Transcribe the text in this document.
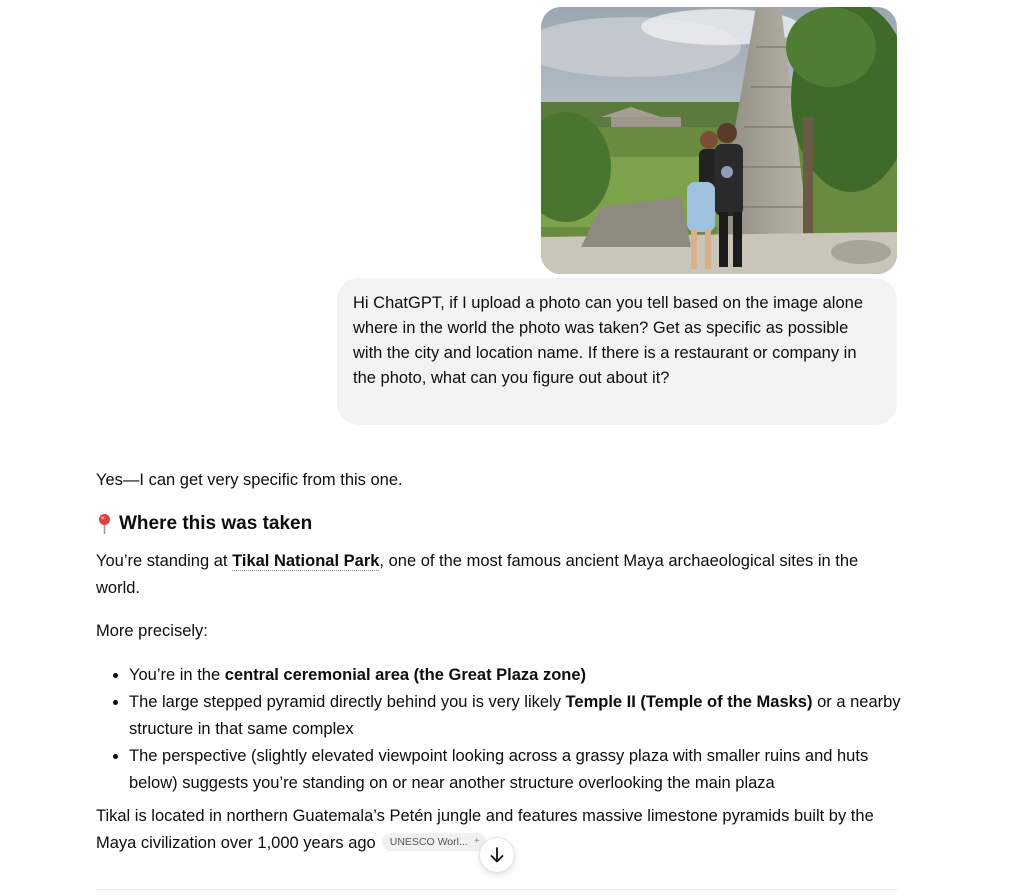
Hi ChatGPT, if I upload a photo can you tell based on the image alone where in the world the photo was taken? Get as specific as possible with the city and location name. If there is a restaurant or company in the photo, what can you figure out about it?

Yes—I can get very specific from this one.

Where this was taken

You’re standing at Tikal National Park, one of the most famous ancient Maya archaeological sites in the world.

More precisely:

• You’re in the central ceremonial area (the Great Plaza zone)
• The large stepped pyramid directly behind you is very likely Temple II (Temple of the Masks) or a nearby structure in that same complex
• The perspective (slightly elevated viewpoint looking across a grassy plaza with smaller ruins and huts below) suggests you’re standing on or near another structure overlooking the main plaza

Tikal is located in northern Guatemala’s Petén jungle and features massive limestone pyramids built by the Maya civilization over 1,000 years ago UNESCO Worl... +
